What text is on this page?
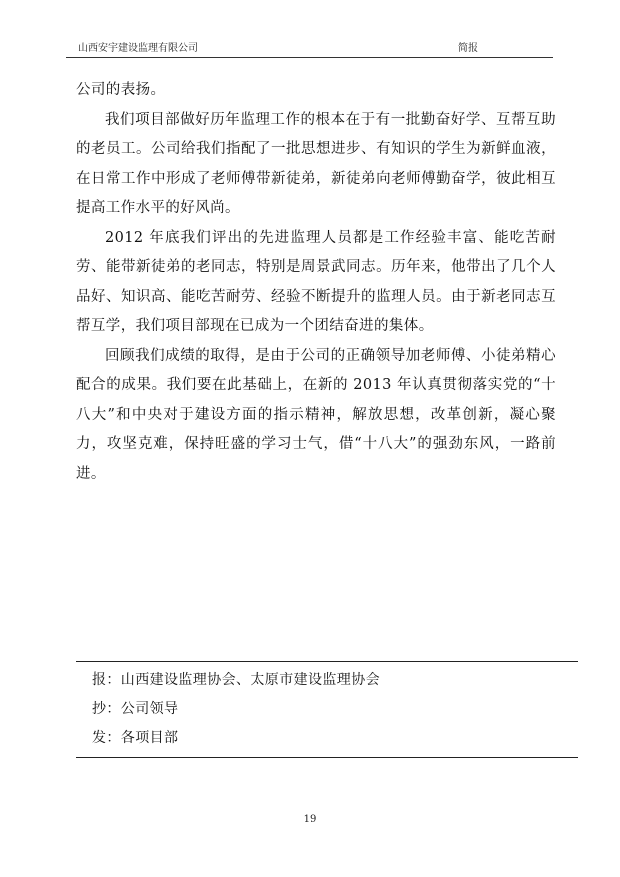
山西安宇建设监理有限公司	简报

公司的表扬。

我们项目部做好历年监理工作的根本在于有一批勤奋好学、互帮互助的老员工。公司给我们指配了一批思想进步、有知识的学生为新鲜血液，在日常工作中形成了老师傅带新徒弟，新徒弟向老师傅勤奋学，彼此相互提高工作水平的好风尚。

2012 年底我们评出的先进监理人员都是工作经验丰富、能吃苦耐劳、能带新徒弟的老同志，特别是周景武同志。历年来，他带出了几个人品好、知识高、能吃苦耐劳、经验不断提升的监理人员。由于新老同志互帮互学，我们项目部现在已成为一个团结奋进的集体。

回顾我们成绩的取得，是由于公司的正确领导加老师傅、小徒弟精心配合的成果。我们要在此基础上，在新的 2013 年认真贯彻落实党的“十八大”和中央对于建设方面的指示精神，解放思想，改革创新，凝心聚力，攻坚克难，保持旺盛的学习士气，借“十八大”的强劲东风，一路前进。

报：山西建设监理协会、太原市建设监理协会
抄：公司领导
发：各项目部
19
